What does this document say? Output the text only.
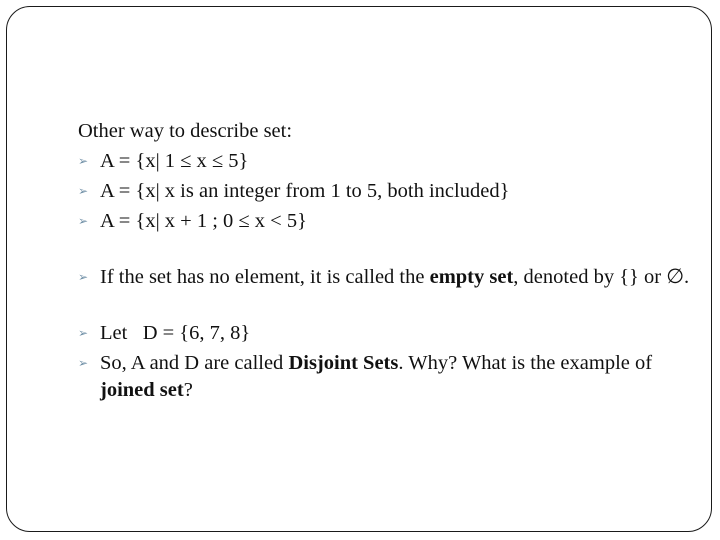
Other way to describe set:
➢ A = {x| 1 ≤ x ≤ 5}
➢ A = {x| x is an integer from 1 to 5, both included}
➢ A = {x| x + 1 ; 0 ≤ x < 5}
➢ If the set has no element, it is called the empty set, denoted by {} or ∅.
➢ Let   D = {6, 7, 8}
➢ So, A and D are called Disjoint Sets. Why? What is the example of joined set?
